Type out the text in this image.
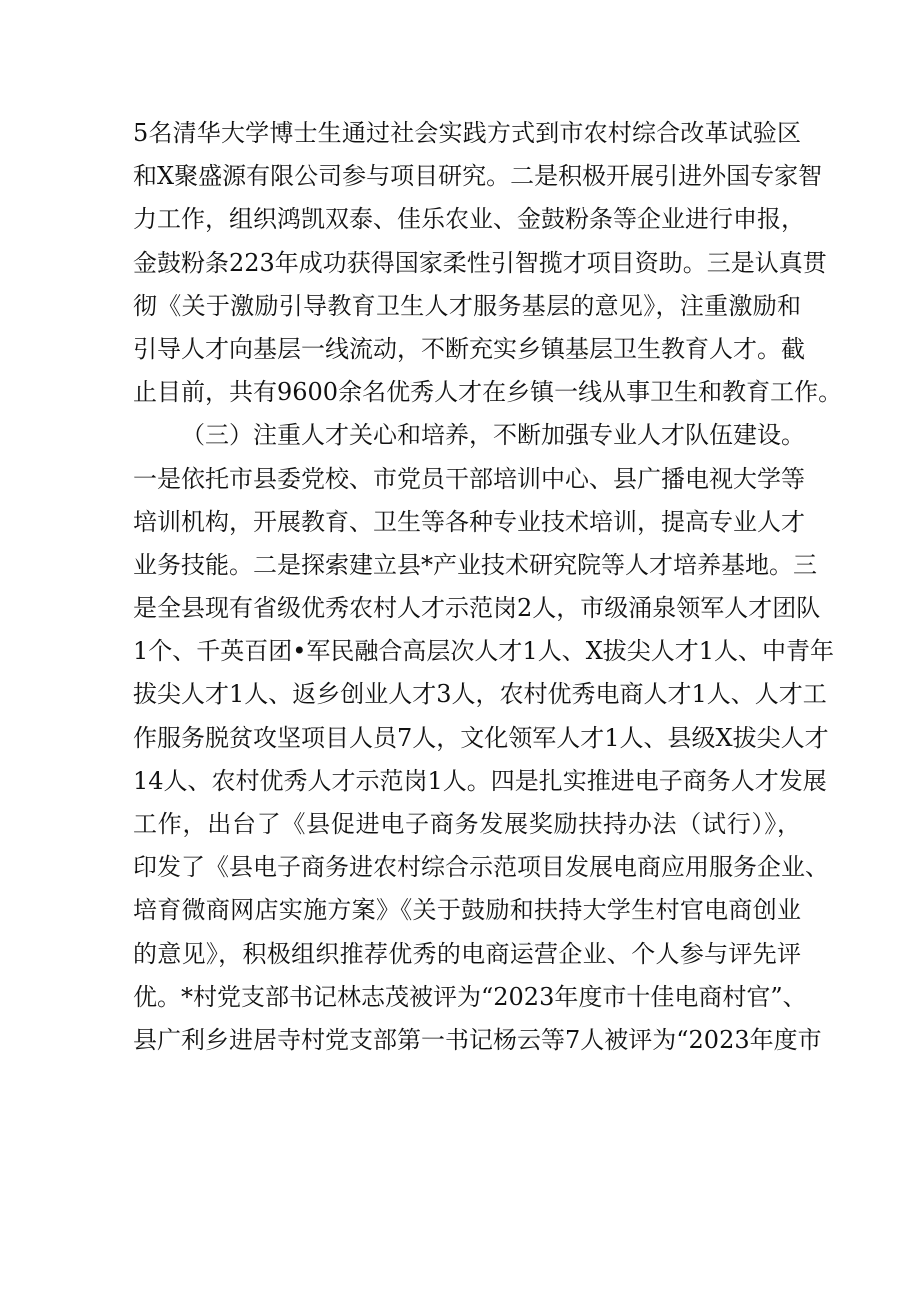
5名清华大学博士生通过社会实践方式到市农村综合改革试验区
和X聚盛源有限公司参与项目研究。二是积极开展引进外国专家智
力工作，组织鸿凯双泰、佳乐农业、金鼓粉条等企业进行申报，
金鼓粉条223年成功获得国家柔性引智揽才项目资助。三是认真贯
彻《关于激励引导教育卫生人才服务基层的意见》，注重激励和
引导人才向基层一线流动，不断充实乡镇基层卫生教育人才。截
止目前，共有9600余名优秀人才在乡镇一线从事卫生和教育工作。
（三）注重人才关心和培养，不断加强专业人才队伍建设。
一是依托市县委党校、市党员干部培训中心、县广播电视大学等
培训机构，开展教育、卫生等各种专业技术培训，提高专业人才
业务技能。二是探索建立县*产业技术研究院等人才培养基地。三
是全县现有省级优秀农村人才示范岗2人，市级涌泉领军人才团队
1个、千英百团•军民融合高层次人才1人、X拔尖人才1人、中青年
拔尖人才1人、返乡创业人才3人，农村优秀电商人才1人、人才工
作服务脱贫攻坚项目人员7人，文化领军人才1人、县级X拔尖人才
14人、农村优秀人才示范岗1人。四是扎实推进电子商务人才发展
工作，出台了《县促进电子商务发展奖励扶持办法（试行）》，
印发了《县电子商务进农村综合示范项目发展电商应用服务企业、
培育微商网店实施方案》《关于鼓励和扶持大学生村官电商创业
的意见》，积极组织推荐优秀的电商运营企业、个人参与评先评
优。*村党支部书记林志茂被评为“2023年度市十佳电商村官”、
县广利乡进居寺村党支部第一书记杨云等7人被评为“2023年度市
